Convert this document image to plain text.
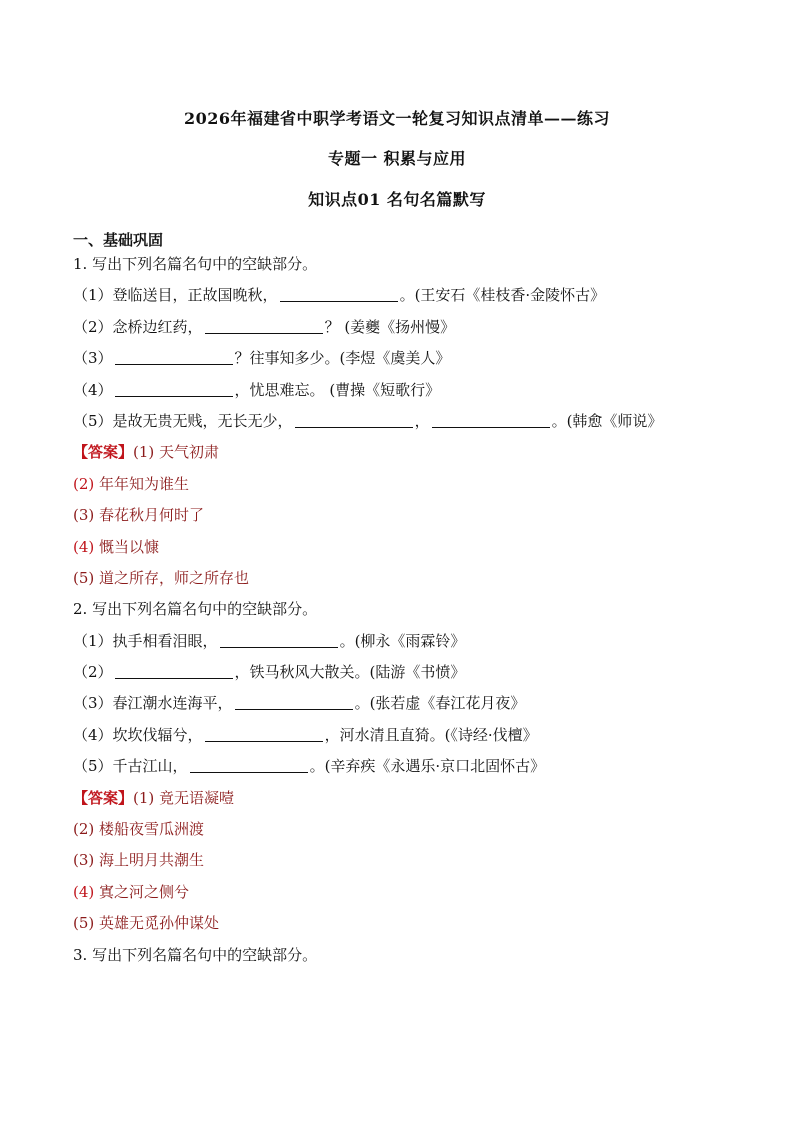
2026年福建省中职学考语文一轮复习知识点清单——练习
专题一 积累与应用
知识点01 名句名篇默写
一、基础巩固
1. 写出下列名篇名句中的空缺部分。
（1）登临送目，正故国晚秋，	。(王安石《桂枝香·金陵怀古》
（2）念桥边红药，	？ (姜夔《扬州慢》
（3）	？往事知多少。(李煜《虞美人》
（4）	，忧思难忘。 (曹操《短歌行》
（5）是故无贵无贱，无长无少，	，	。(韩愈《师说》
【答案】(1) 天气初肃
(2) 年年知为谁生
(3) 春花秋月何时了
(4) 慨当以慷
(5) 道之所存，师之所存也
2. 写出下列名篇名句中的空缺部分。
（1）执手相看泪眼，	。(柳永《雨霖铃》
（2）	，铁马秋风大散关。(陆游《书愤》
（3）春江潮水连海平，	。(张若虚《春江花月夜》
（4）坎坎伐辐兮，	，河水清且直猗。(《诗经·伐檀》
（5）千古江山，	。(辛弃疾《永遇乐·京口北固怀古》
【答案】(1) 竟无语凝噎
(2) 楼船夜雪瓜洲渡
(3) 海上明月共潮生
(4) 寘之河之侧兮
(5) 英雄无觅孙仲谋处
3. 写出下列名篇名句中的空缺部分。
